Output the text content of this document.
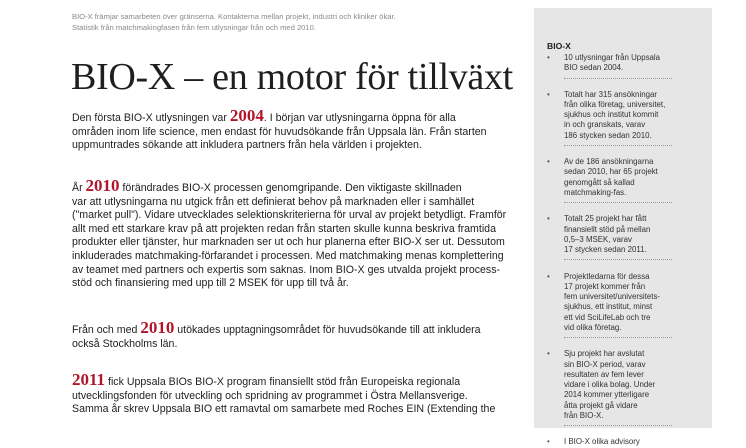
BIO-X främjar samarbeten över gränserna. Kontakterna mellan projekt, industri och kliniker ökar.
Statistik från matchmakingfasen från fem utlysningar från och med 2010.
BIO-X – en motor för tillväxt

Den första BIO-X utlysningen var 2004. I början var utlysningarna öppna för alla
områden inom life science, men endast för huvudsökande från Uppsala län. Från starten
uppmuntrades sökande att inkludera partners från hela världen i projekten.

År 2010 förändrades BIO-X processen genomgripande. Den viktigaste skillnaden
var att utlysningarna nu utgick från ett definierat behov på marknaden eller i samhället
("market pull"). Vidare utvecklades selektionskriterierna för urval av projekt betydligt. Framför
allt med ett starkare krav på att projekten redan från starten skulle kunna beskriva framtida
produkter eller tjänster, hur marknaden ser ut och hur planerna efter BIO-X ser ut. Dessutom
inkluderades matchmaking-förfarandet i processen. Med matchmaking menas komplettering
av teamet med partners och expertis som saknas. Inom BIO-X ges utvalda projekt process-
stöd och finansiering med upp till 2 MSEK för upp till två år.

Från och med 2010 utökades upptagningsområdet för huvudsökande till att inkludera
också Stockholms län.

2011 fick Uppsala BIOs BIO-X program finansiellt stöd från Europeiska regionala
utvecklingsfonden för utveckling och spridning av programmet i Östra Mellansverige.
Samma år skrev Uppsala BIO ett ramavtal om samarbete med Roches EIN (Extending the

BIO-X
• 10 utlysningar från Uppsala
BIO sedan 2004.
• Totalt har 315 ansökningar
från olika företag, universitet,
sjukhus och institut kommit
in och granskats, varav
186 stycken sedan 2010.
• Av de 186 ansökningarna
sedan 2010, har 65 projekt
genomgått så kallad
matchmaking-fas.
• Totalt 25 projekt har fått
finansiellt stöd på mellan
0,5–3 MSEK, varav
17 stycken sedan 2011.
• Projektledarna för dessa
17 projekt kommer från
fem universitet/universitets-
sjukhus, ett institut, minst
ett vid SciLifeLab och tre
vid olika företag.
• Sju projekt har avslutat
sin BIO-X period, varav
resultaten av fem lever
vidare i olika bolag. Under
2014 kommer ytterligare
åtta projekt gå vidare
från BIO-X.
• I BIO-X olika advisory
